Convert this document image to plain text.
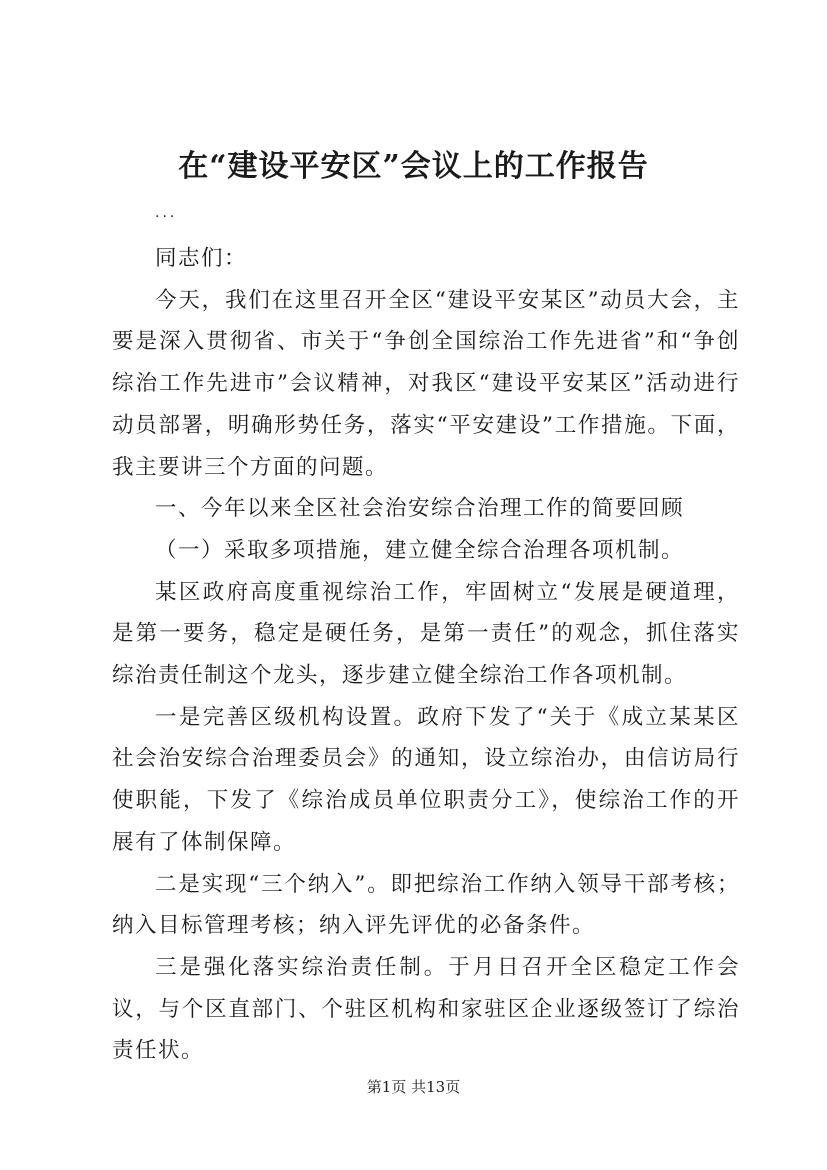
在“建设平安区”会议上的工作报告
...

同志们：

今天，我们在这里召开全区“建设平安某区”动员大会，主要是深入贯彻省、市关于“争创全国综治工作先进省”和“争创综治工作先进市”会议精神，对我区“建设平安某区”活动进行动员部署，明确形势任务，落实“平安建设”工作措施。下面，我主要讲三个方面的问题。

一、今年以来全区社会治安综合治理工作的简要回顾

（一）采取多项措施，建立健全综合治理各项机制。

某区政府高度重视综治工作，牢固树立“发展是硬道理，是第一要务，稳定是硬任务，是第一责任”的观念，抓住落实综治责任制这个龙头，逐步建立健全综治工作各项机制。

一是完善区级机构设置。政府下发了“关于《成立某某区社会治安综合治理委员会》的通知，设立综治办，由信访局行使职能，下发了《综治成员单位职责分工》，使综治工作的开展有了体制保障。

二是实现“三个纳入”。即把综治工作纳入领导干部考核；纳入目标管理考核；纳入评先评优的必备条件。

三是强化落实综治责任制。于月日召开全区稳定工作会议，与个区直部门、个驻区机构和家驻区企业逐级签订了综治责任状。

第1页 共13页
